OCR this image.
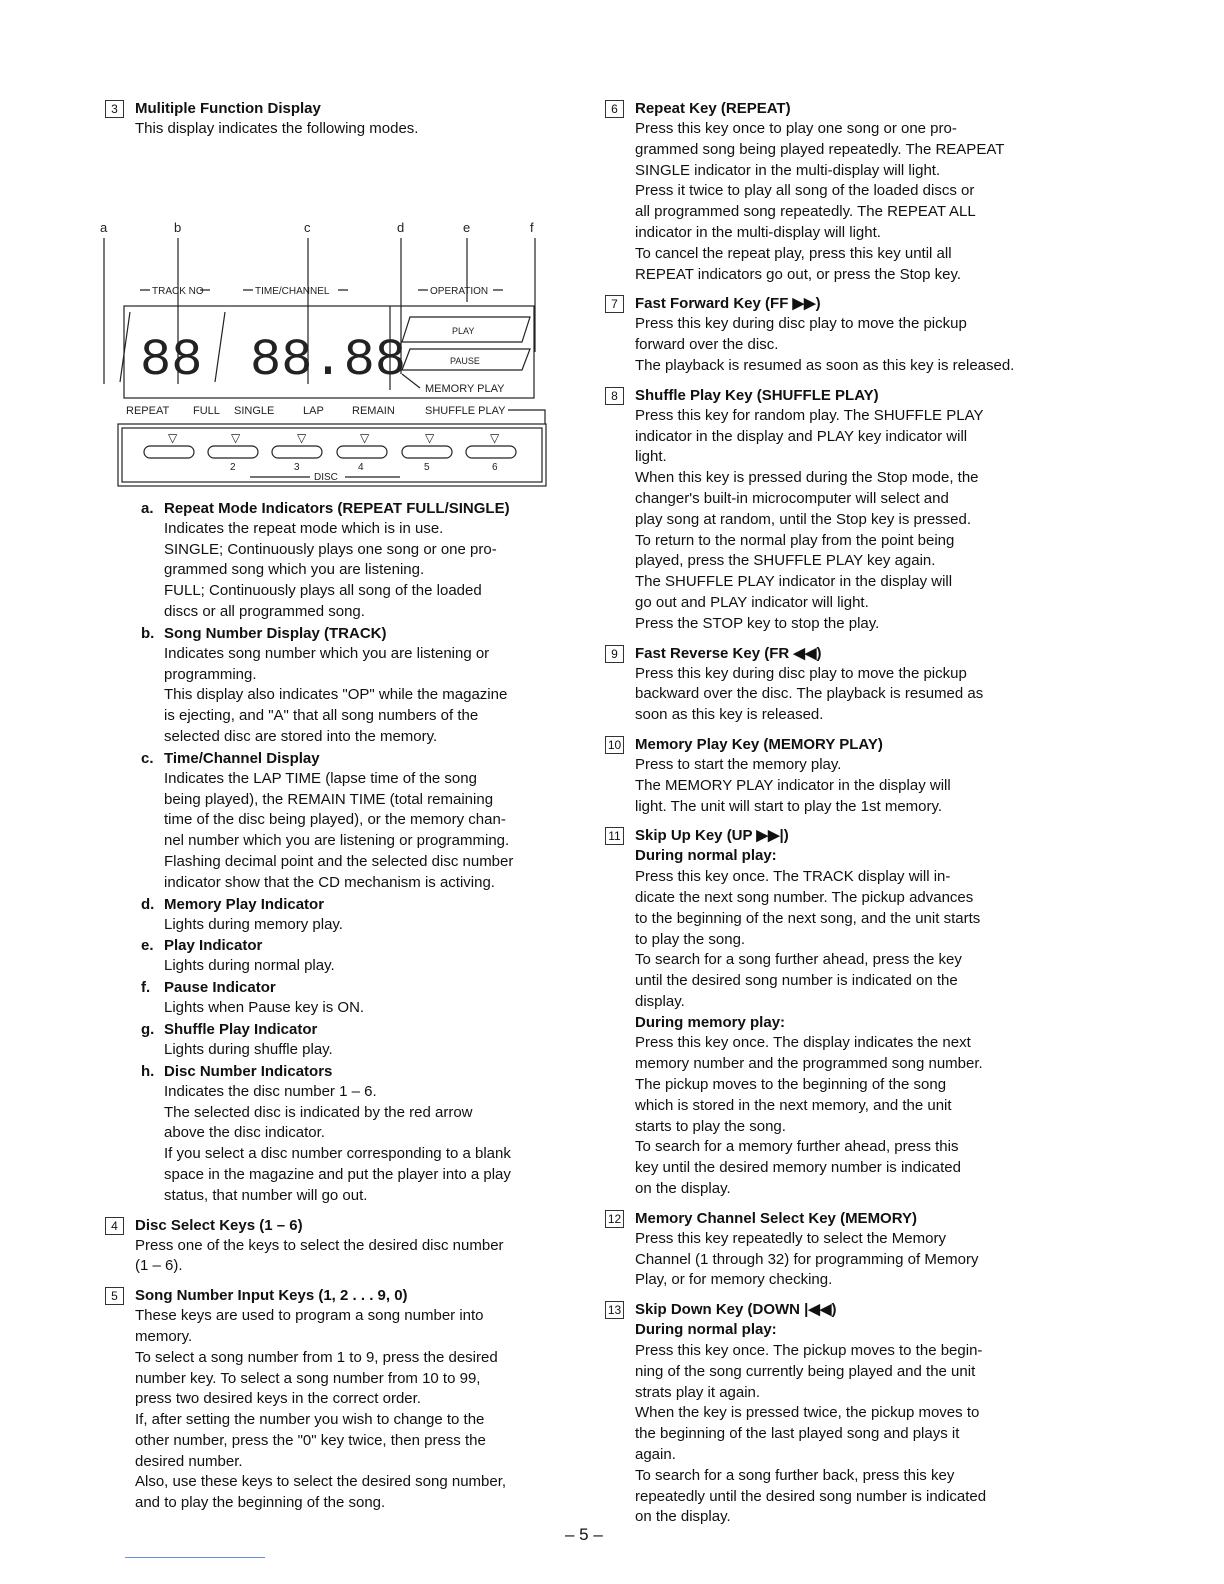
3	Mulitiple Function Display

This display indicates the following modes.

a	b	c	d	e	f
TRACK NO	TIME/CHANNEL	OPERATION
88 88.88	PLAY
PAUSE
MEMORY PLAY
REPEAT FULL SINGLE	LAP	REMAIN	SHUFFLE PLAY
▽	▽	▽	▽	▽	▽
2	3	4	5	6
DISC
a. Repeat Mode Indicators (REPEAT FULL/SINGLE)

Indicates the repeat mode which is in use.

SINGLE; Continuously plays one song or one pro-

grammed song which you are listening.

FULL; Continuously plays all song of the loaded

discs or all programmed song.

b. Song Number Display (TRACK)

Indicates song number which you are listening or

programming.

This display also indicates "OP" while the magazine

is ejecting, and "A" that all song numbers of the

selected disc are stored into the memory.

c. Time/Channel Display

Indicates the LAP TIME (lapse time of the song

being played), the REMAIN TIME (total remaining

time of the disc being played), or the memory chan-

nel number which you are listening or programming.

Flashing decimal point and the selected disc number

indicator show that the CD mechanism is activing.

d. Memory Play Indicator

Lights during memory play.

e. Play Indicator

Lights during normal play.

f. Pause Indicator

Lights when Pause key is ON.

g. Shuffle Play Indicator

Lights during shuffle play.

h. Disc Number Indicators

Indicates the disc number 1 – 6.

The selected disc is indicated by the red arrow

above the disc indicator.

If you select a disc number corresponding to a blank

space in the magazine and put the player into a play

status, that number will go out.

4	Disc Select Keys (1 – 6)

Press one of the keys to select the desired disc number

(1 – 6).

5	Song Number Input Keys (1, 2 . . . 9, 0)

These keys are used to program a song number into

memory.

To select a song number from 1 to 9, press the desired

number key. To select a song number from 10 to 99,

press two desired keys in the correct order.

If, after setting the number you wish to change to the

other number, press the "0" key twice, then press the

desired number.

Also, use these keys to select the desired song number,

and to play the beginning of the song.

6	Repeat Key (REPEAT)

Press this key once to play one song or one pro-

grammed song being played repeatedly. The REAPEAT

SINGLE indicator in the multi-display will light.

Press it twice to play all song of the loaded discs or

all programmed song repeatedly. The REPEAT ALL

indicator in the multi-display will light.

To cancel the repeat play, press this key until all

REPEAT indicators go out, or press the Stop key.

7	Fast Forward Key (FF ▶▶)

Press this key during disc play to move the pickup

forward over the disc.

The playback is resumed as soon as this key is released.

8	Shuffle Play Key (SHUFFLE PLAY)

Press this key for random play. The SHUFFLE PLAY

indicator in the display and PLAY key indicator will

light.

When this key is pressed during the Stop mode, the

changer's built-in microcomputer will select and

play song at random, until the Stop key is pressed.

To return to the normal play from the point being

played, press the SHUFFLE PLAY key again.

The SHUFFLE PLAY indicator in the display will

go out and PLAY indicator will light.

Press the STOP key to stop the play.

9	Fast Reverse Key (FR ◀◀)

Press this key during disc play to move the pickup

backward over the disc. The playback is resumed as

soon as this key is released.

10 Memory Play Key (MEMORY PLAY)

Press to start the memory play.

The MEMORY PLAY indicator in the display will

light. The unit will start to play the 1st memory.

11 Skip Up Key (UP ▶▶|)

During normal play:

Press this key once. The TRACK display will in-

dicate the next song number. The pickup advances

to the beginning of the next song, and the unit starts

to play the song.

To search for a song further ahead, press the key

until the desired song number is indicated on the

display.

During memory play:

Press this key once. The display indicates the next

memory number and the programmed song number.

The pickup moves to the beginning of the song

which is stored in the next memory, and the unit

starts to play the song.

To search for a memory further ahead, press this

key until the desired memory number is indicated

on the display.

12 Memory Channel Select Key (MEMORY)

Press this key repeatedly to select the Memory

Channel (1 through 32) for programming of Memory

Play, or for memory checking.

13 Skip Down Key (DOWN |◀◀)

During normal play:

Press this key once. The pickup moves to the begin-

ning of the song currently being played and the unit

strats play it again.

When the key is pressed twice, the pickup moves to

the beginning of the last played song and plays it

again.

To search for a song further back, press this key

repeatedly until the desired song number is indicated

on the display.

– 5 –
